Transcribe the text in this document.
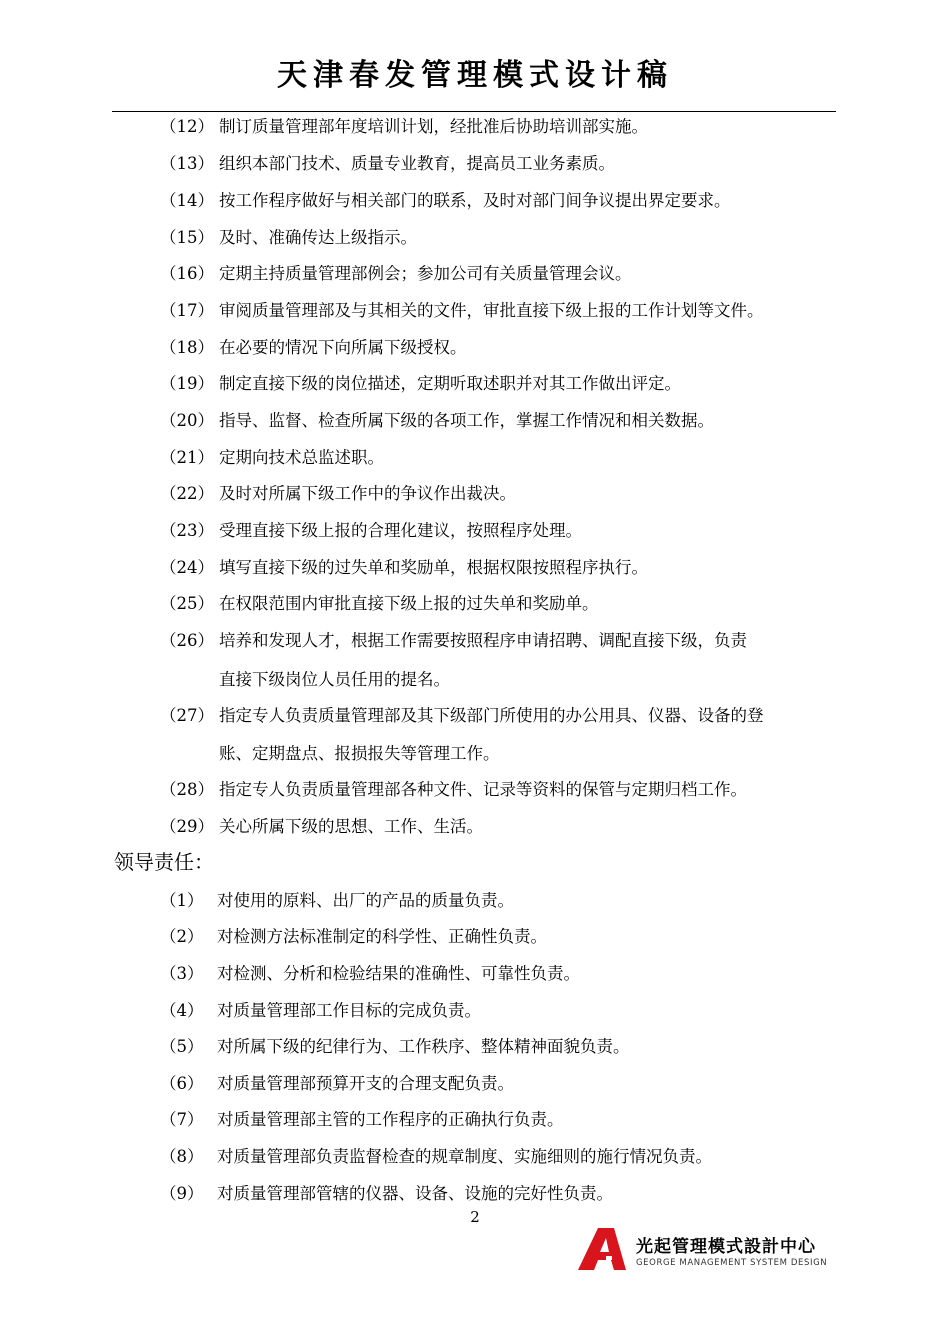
天津春发管理模式设计稿
（12） 制订质量管理部年度培训计划，经批准后协助培训部实施。
（13） 组织本部门技术、质量专业教育，提高员工业务素质。
（14） 按工作程序做好与相关部门的联系，及时对部门间争议提出界定要求。
（15） 及时、准确传达上级指示。
（16） 定期主持质量管理部例会；参加公司有关质量管理会议。
（17） 审阅质量管理部及与其相关的文件，审批直接下级上报的工作计划等文件。
（18） 在必要的情况下向所属下级授权。
（19） 制定直接下级的岗位描述，定期听取述职并对其工作做出评定。
（20） 指导、监督、检查所属下级的各项工作，掌握工作情况和相关数据。
（21） 定期向技术总监述职。
（22） 及时对所属下级工作中的争议作出裁决。
（23） 受理直接下级上报的合理化建议，按照程序处理。
（24） 填写直接下级的过失单和奖励单，根据权限按照程序执行。
（25） 在权限范围内审批直接下级上报的过失单和奖励单。
（26） 培养和发现人才，根据工作需要按照程序申请招聘、调配直接下级，负责
直接下级岗位人员任用的提名。
（27） 指定专人负责质量管理部及其下级部门所使用的办公用具、仪器、设备的登
账、定期盘点、报损报失等管理工作。
（28） 指定专人负责质量管理部各种文件、记录等资料的保管与定期归档工作。
（29） 关心所属下级的思想、工作、生活。
领导责任：
（1） 对使用的原料、出厂的产品的质量负责。
（2） 对检测方法标准制定的科学性、正确性负责。
（3） 对检测、分析和检验结果的准确性、可靠性负责。
（4） 对质量管理部工作目标的完成负责。
（5） 对所属下级的纪律行为、工作秩序、整体精神面貌负责。
（6） 对质量管理部预算开支的合理支配负责。
（7） 对质量管理部主管的工作程序的正确执行负责。
（8） 对质量管理部负责监督检查的规章制度、实施细则的施行情况负责。
（9） 对质量管理部管辖的仪器、设备、设施的完好性负责。
2
光起管理模式設計中心
GEORGE MANAGEMENT SYSTEM DESIGN
